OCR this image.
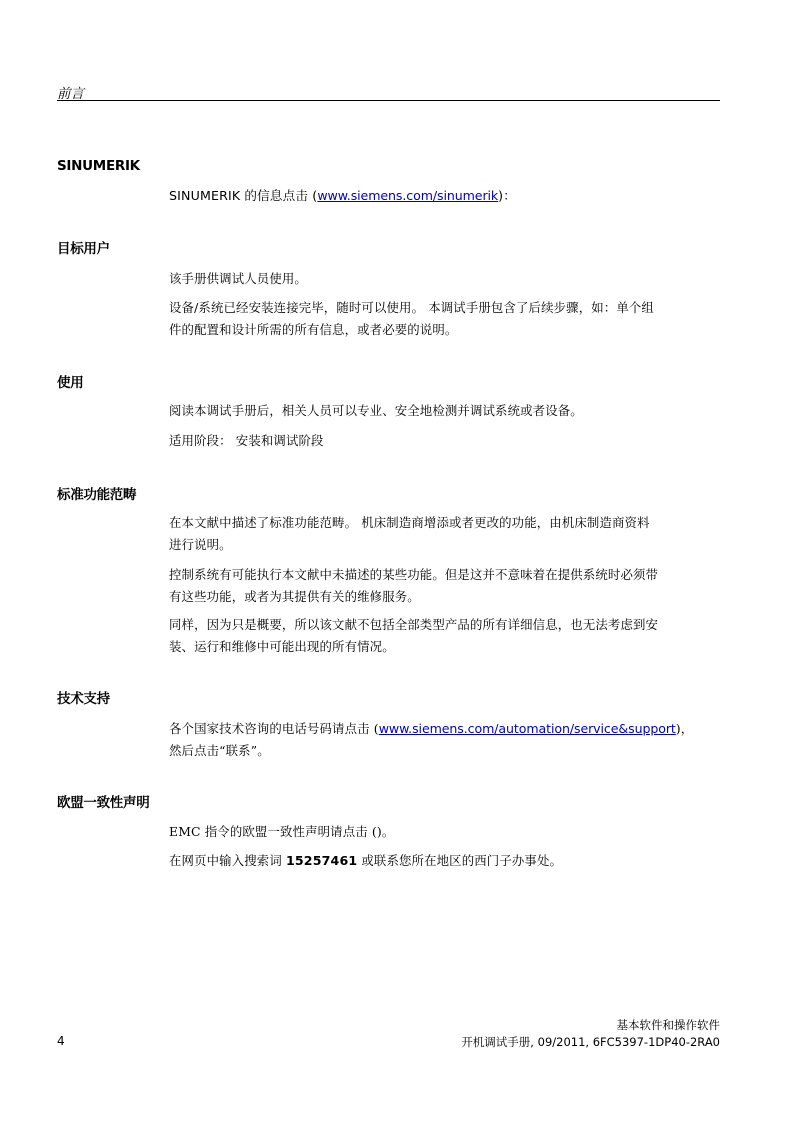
前言
SINUMERIK

SINUMERIK 的信息点击 (www.siemens.com/sinumerik)：

目标用户

该手册供调试人员使用。

设备/系统已经安装连接完毕，随时可以使用。 本调试手册包含了后续步骤，如：单个组
件的配置和设计所需的所有信息，或者必要的说明。

使用

阅读本调试手册后，相关人员可以专业、安全地检测并调试系统或者设备。

适用阶段： 安装和调试阶段

标准功能范畴

在本文献中描述了标准功能范畴。 机床制造商增添或者更改的功能，由机床制造商资料
进行说明。

控制系统有可能执行本文献中未描述的某些功能。但是这并不意味着在提供系统时必须带
有这些功能，或者为其提供有关的维修服务。

同样，因为只是概要，所以该文献不包括全部类型产品的所有详细信息，也无法考虑到安
装、运行和维修中可能出现的所有情况。

技术支持

各个国家技术咨询的电话号码请点击 (www.siemens.com/automation/service&support)，
然后点击“联系”。

欧盟一致性声明

EMC 指令的欧盟一致性声明请点击 ()。

在网页中输入搜索词 15257461 或联系您所在地区的西门子办事处。

4
基本软件和操作软件
开机调试手册, 09/2011, 6FC5397-1DP40-2RA0
